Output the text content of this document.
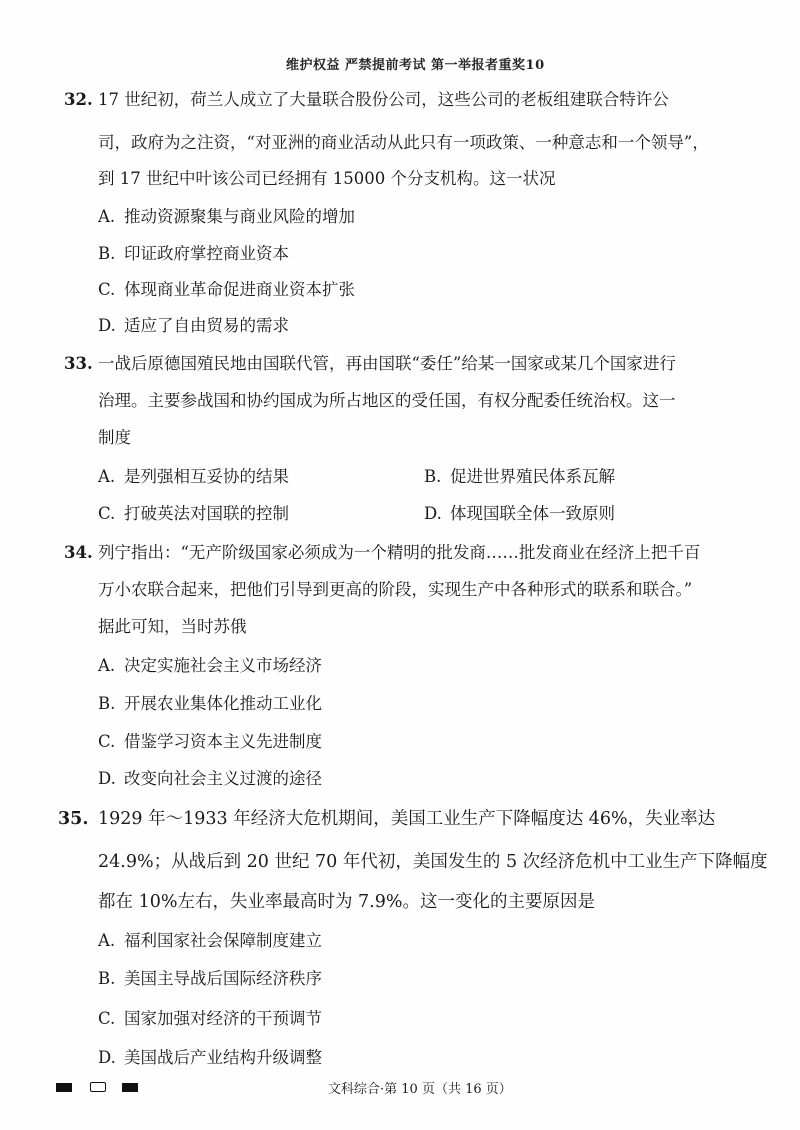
维护权益 严禁提前考试 第一举报者重奖10
32. 17 世纪初，荷兰人成立了大量联合股份公司，这些公司的老板组建联合特许公
司，政府为之注资，“对亚洲的商业活动从此只有一项政策、一种意志和一个领导”，
到 17 世纪中叶该公司已经拥有 15000 个分支机构。这一状况
A. 推动资源聚集与商业风险的增加
B. 印证政府掌控商业资本
C. 体现商业革命促进商业资本扩张
D. 适应了自由贸易的需求
33. 一战后原德国殖民地由国联代管，再由国联“委任”给某一国家或某几个国家进行
治理。主要参战国和协约国成为所占地区的受任国，有权分配委任统治权。这一
制度
A. 是列强相互妥协的结果	B. 促进世界殖民体系瓦解
C. 打破英法对国联的控制	D. 体现国联全体一致原则
34. 列宁指出：“无产阶级国家必须成为一个精明的批发商……批发商业在经济上把千百
万小农联合起来，把他们引导到更高的阶段，实现生产中各种形式的联系和联合。”
据此可知，当时苏俄
A. 决定实施社会主义市场经济
B. 开展农业集体化推动工业化
C. 借鉴学习资本主义先进制度
D. 改变向社会主义过渡的途径
35. 1929 年～1933 年经济大危机期间，美国工业生产下降幅度达 46%，失业率达
24.9%；从战后到 20 世纪 70 年代初，美国发生的 5 次经济危机中工业生产下降幅度
都在 10%左右，失业率最高时为 7.9%。这一变化的主要原因是
A. 福利国家社会保障制度建立
B. 美国主导战后国际经济秩序
C. 国家加强对经济的干预调节
D. 美国战后产业结构升级调整
文科综合·第 10 页（共 16 页）
